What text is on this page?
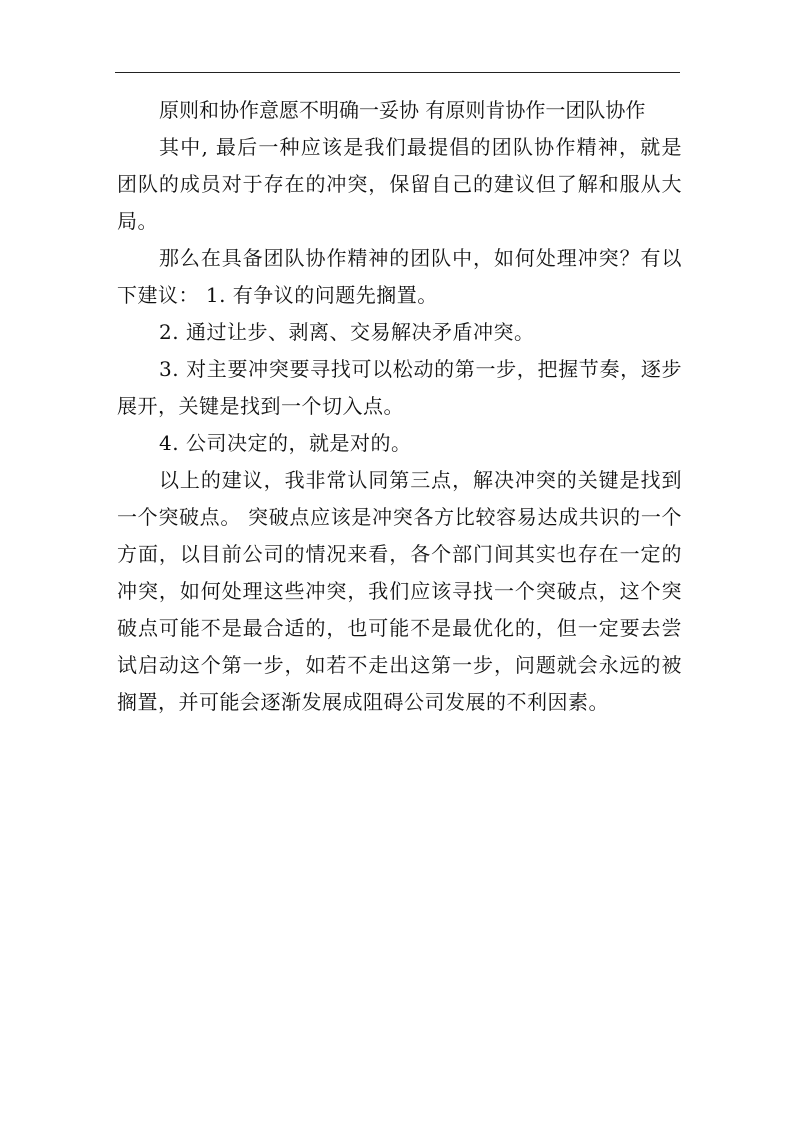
原则和协作意愿不明确一妥协 有原则肯协作一团队协作

其中, 最后一种应该是我们最提倡的团队协作精神，就是团队的成员对于存在的冲突，保留自己的建议但了解和服从大局。

那么在具备团队协作精神的团队中，如何处理冲突？有以下建议： 1. 有争议的问题先搁置。

2. 通过让步、剥离、交易解决矛盾冲突。

3. 对主要冲突要寻找可以松动的第一步，把握节奏，逐步展开，关键是找到一个切入点。

4. 公司决定的，就是对的。

以上的建议，我非常认同第三点，解决冲突的关键是找到一个突破点。 突破点应该是冲突各方比较容易达成共识的一个方面，以目前公司的情况来看，各个部门间其实也存在一定的冲突，如何处理这些冲突，我们应该寻找一个突破点，这个突破点可能不是最合适的，也可能不是最优化的，但一定要去尝试启动这个第一步，如若不走出这第一步，问题就会永远的被搁置，并可能会逐渐发展成阻碍公司发展的不利因素。
